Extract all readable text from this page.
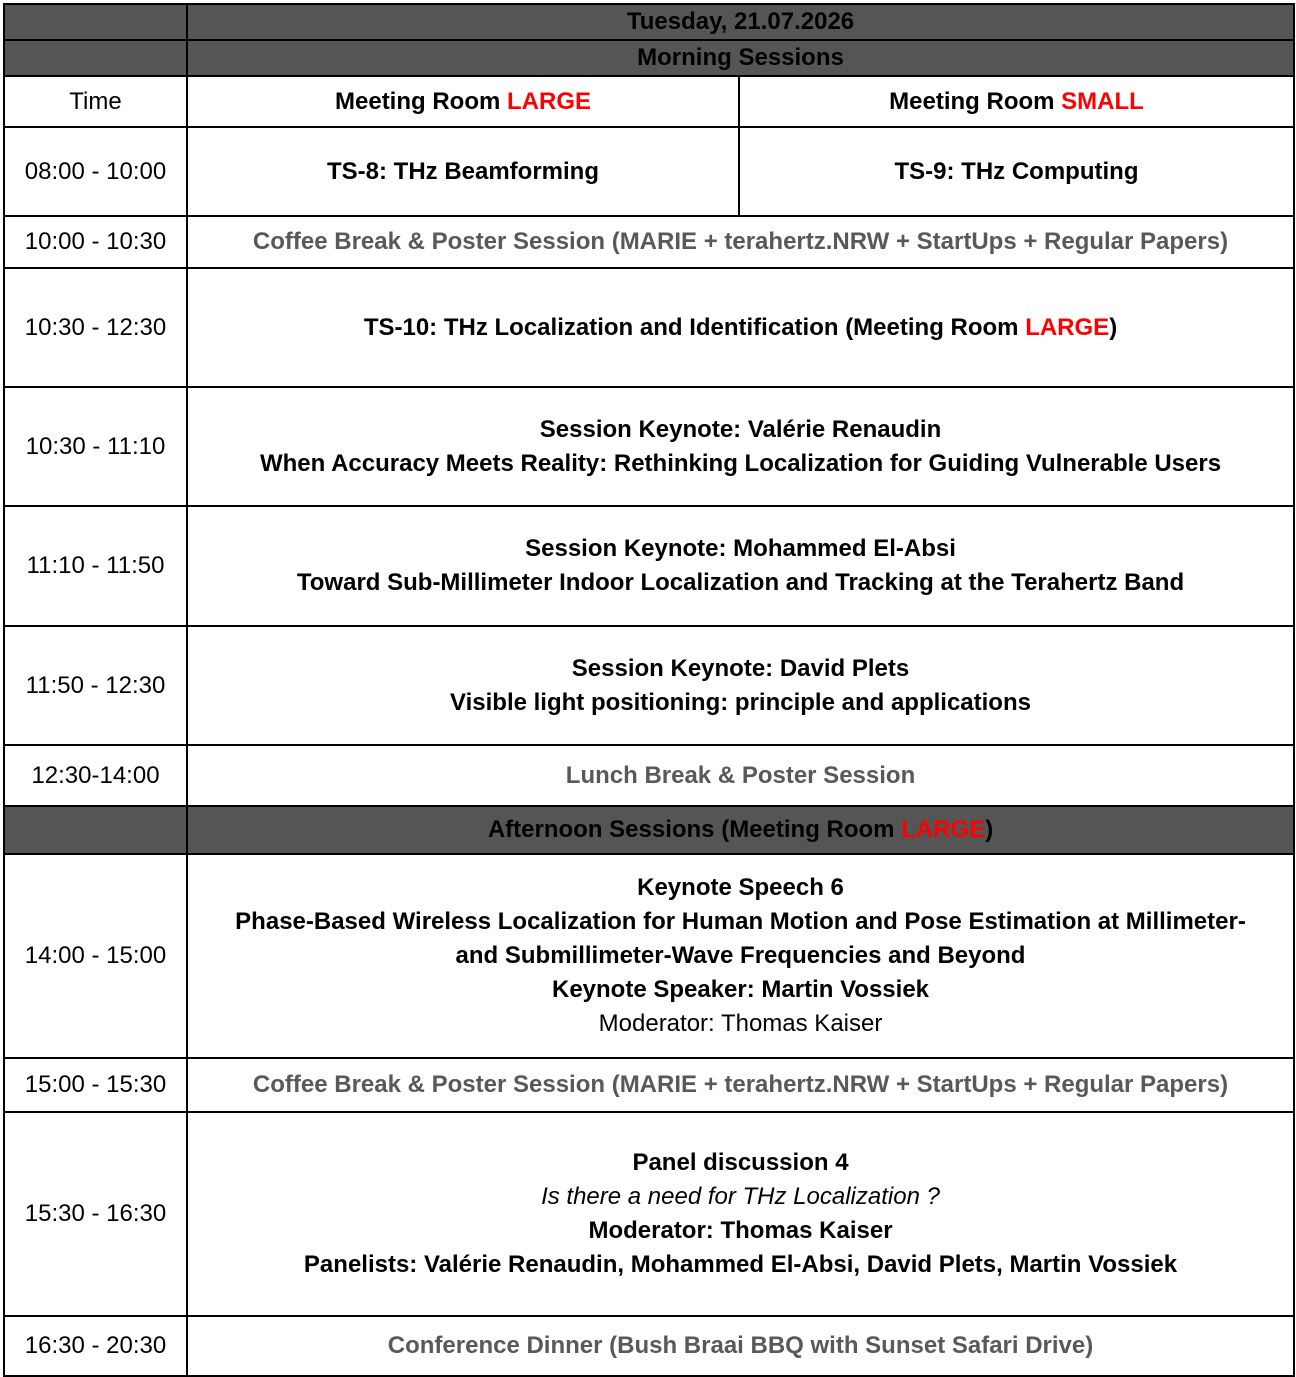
	Tuesday, 21.07.2026	
	Morning Sessions	
Time	Meeting Room LARGE	Meeting Room SMALL
08:00 - 10:00	TS-8: THz Beamforming	TS-9: THz Computing
10:00 - 10:30	Coffee Break & Poster Session (MARIE + terahertz.NRW + StartUps + Regular Papers)	
10:30 - 12:30	TS-10: THz Localization and Identification (Meeting Room LARGE)	
10:30 - 11:10	Session Keynote: Valérie Renaudin
When Accuracy Meets Reality: Rethinking Localization for Guiding Vulnerable Users	

11:10 - 11:50	Session Keynote: Mohammed El-Absi
Toward Sub-Millimeter Indoor Localization and Tracking at the Terahertz Band	

11:50 - 12:30	Session Keynote: David Plets
Visible light positioning: principle and applications	

12:30-14:00	Lunch Break & Poster Session	
	Afternoon Sessions (Meeting Room LARGE)	
14:00 - 15:00	Keynote Speech 6
Phase-Based Wireless Localization for Human Motion and Pose Estimation at Millimeter-
and Submillimeter-Wave Frequencies and Beyond
Keynote Speaker: Martin Vossiek
Moderator: Thomas Kaiser	

15:00 - 15:30	Coffee Break & Poster Session (MARIE + terahertz.NRW + StartUps + Regular Papers)	
15:30 - 16:30	Panel discussion 4
Is there a need for THz Localization ?
Moderator: Thomas Kaiser
Panelists: Valérie Renaudin, Mohammed El-Absi, David Plets, Martin Vossiek	

16:30 - 20:30	Conference Dinner (Bush Braai BBQ with Sunset Safari Drive)	
